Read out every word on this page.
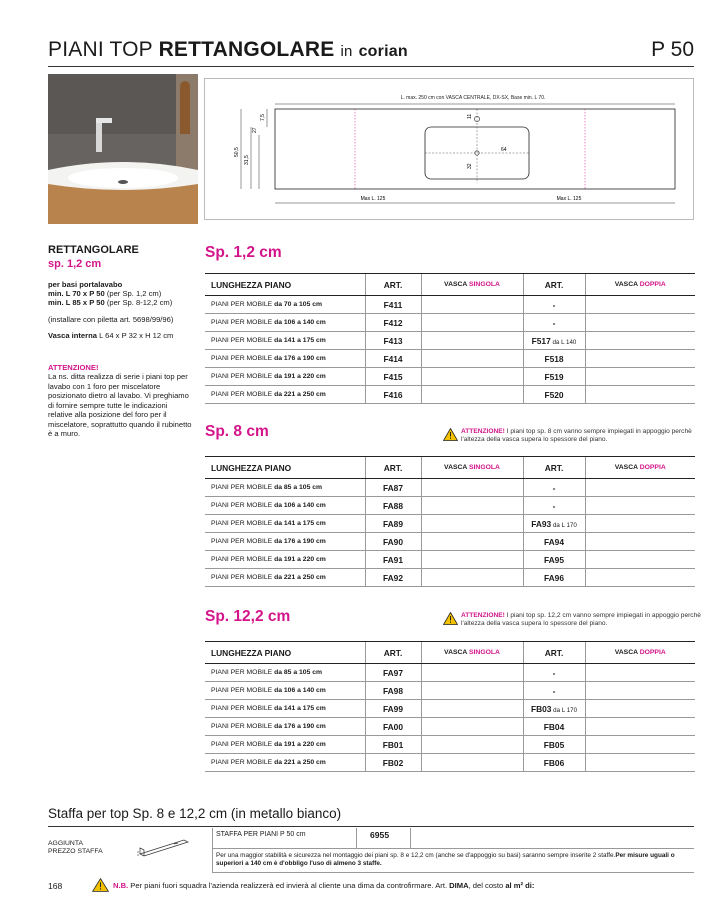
PIANI TOP RETTANGOLARE in corian	P 50
L. max. 250 cm con VASCA CENTRALE, DX-SX, Base min. L 70.
11
32
64
50,5
31,5
27
7,5
Max L. 125	Max L. 125
RETTANGOLARE
sp. 1,2 cm

per basi portalavabo
min. L 70 x P 50 (per Sp. 1,2 cm)
min. L 85 x P 50 (per Sp. 8-12,2 cm)

(installare con piletta art. 5698/99/96)

Vasca interna L 64 x P 32 x H 12 cm

ATTENZIONE!
La ns. ditta realizza di serie i piani top per lavabo con 1 foro per miscelatore posizionato dietro al lavabo. Vi preghiamo di fornire sempre tutte le indicazioni relative alla posizione del foro per il miscelatore, soprattutto quando il rubinetto è a muro.
Sp. 1,2 cm
LUNGHEZZA PIANO	ART.	VASCA SINGOLA	ART.	VASCA DOPPIA
PIANI PER MOBILE da 70 a 105 cm	F411		-	
PIANI PER MOBILE da 106 a 140 cm	F412		-	
PIANI PER MOBILE da 141 a 175 cm	F413		F517 da L 140	
PIANI PER MOBILE da 176 a 190 cm	F414		F518	
PIANI PER MOBILE da 191 a 220 cm	F415		F519	
PIANI PER MOBILE da 221 a 250 cm	F416		F520	
Sp. 8 cm	ATTENZIONE! I piani top sp. 8 cm vanno sempre impiegati in appoggio perchè l'altezza della vasca supera lo spessore del piano.
LUNGHEZZA PIANO	ART.	VASCA SINGOLA	ART.	VASCA DOPPIA
PIANI PER MOBILE da 85 a 105 cm	FA87		-	
PIANI PER MOBILE da 106 a 140 cm	FA88		-	
PIANI PER MOBILE da 141 a 175 cm	FA89		FA93 da L 170	
PIANI PER MOBILE da 176 a 190 cm	FA90		FA94	
PIANI PER MOBILE da 191 a 220 cm	FA91		FA95	
PIANI PER MOBILE da 221 a 250 cm	FA92		FA96	
Sp. 12,2 cm	ATTENZIONE! I piani top sp. 12,2 cm vanno sempre impiegati in appoggio perchè l'altezza della vasca supera lo spessore del piano.
LUNGHEZZA PIANO	ART.	VASCA SINGOLA	ART.	VASCA DOPPIA
PIANI PER MOBILE da 85 a 105 cm	FA97		-	
PIANI PER MOBILE da 106 a 140 cm	FA98		-	
PIANI PER MOBILE da 141 a 175 cm	FA99		FB03 da L 170	
PIANI PER MOBILE da 176 a 190 cm	FA00		FB04	
PIANI PER MOBILE da 191 a 220 cm	FB01		FB05	
PIANI PER MOBILE da 221 a 250 cm	FB02		FB06	
Staffa per top Sp. 8 e 12,2 cm (in metallo bianco)
AGGIUNTA
PREZZO STAFFA
STAFFA PER PIANI P 50 cm	6955
Per una maggior stabilità e sicurezza nel montaggio dei piani sp. 8 e 12,2 cm (anche se d'appoggio su basi) saranno sempre inserite 2 staffe.Per misure uguali o superiori a 140 cm è d'obbligo l'uso di almeno 3 staffe.
168	N.B. Per piani fuori squadra l'azienda realizzerà ed invierà al cliente una dima da controfirmare. Art. DIMA, del costo al m² di:
